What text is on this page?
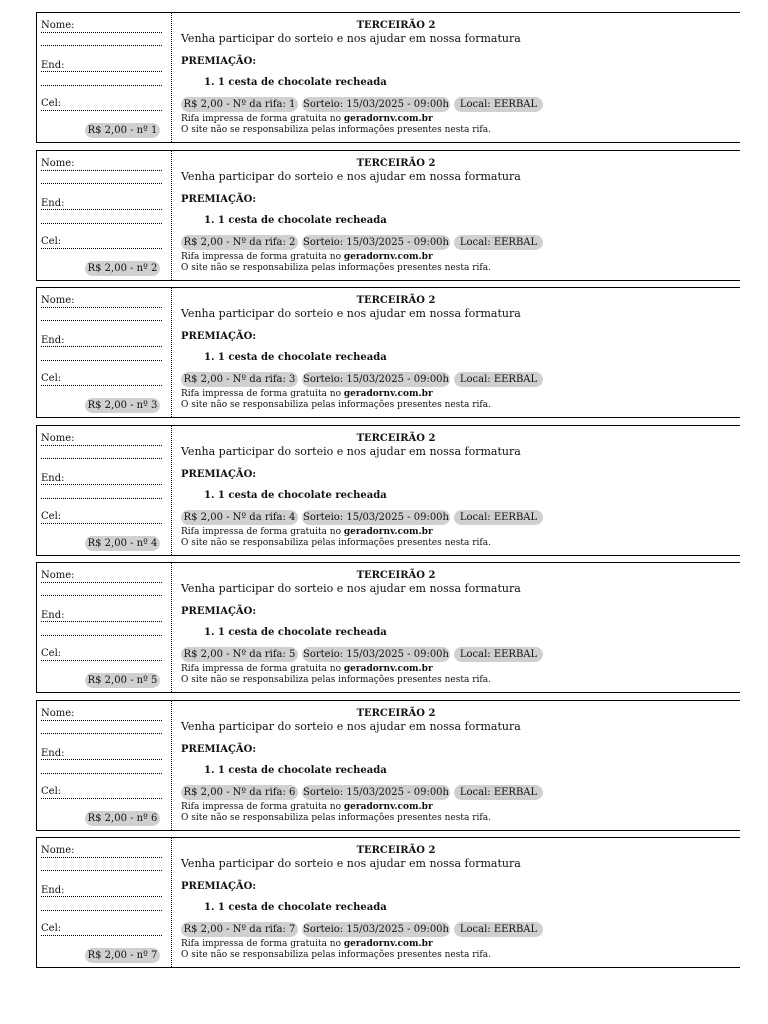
Nome:
End:
Cel:
R$ 2,00 - nº 1
TERCEIRÃO 2
Venha participar do sorteio e nos ajudar em nossa formatura
PREMIAÇÃO:
1. 1 cesta de chocolate recheada
R$ 2,00 - Nº da rifa: 1 Sorteio: 15/03/2025 - 09:00h	Local: EERBAL
Rifa impressa de forma gratuita no geradornv.com.br
O site não se responsabiliza pelas informações presentes nesta rifa.
Nome:
End:
Cel:
R$ 2,00 - nº 2
TERCEIRÃO 2
Venha participar do sorteio e nos ajudar em nossa formatura
PREMIAÇÃO:
1. 1 cesta de chocolate recheada
R$ 2,00 - Nº da rifa: 2 Sorteio: 15/03/2025 - 09:00h	Local: EERBAL
Rifa impressa de forma gratuita no geradornv.com.br
O site não se responsabiliza pelas informações presentes nesta rifa.
Nome:
End:
Cel:
R$ 2,00 - nº 3
TERCEIRÃO 2
Venha participar do sorteio e nos ajudar em nossa formatura
PREMIAÇÃO:
1. 1 cesta de chocolate recheada
R$ 2,00 - Nº da rifa: 3 Sorteio: 15/03/2025 - 09:00h	Local: EERBAL
Rifa impressa de forma gratuita no geradornv.com.br
O site não se responsabiliza pelas informações presentes nesta rifa.
Nome:
End:
Cel:
R$ 2,00 - nº 4
TERCEIRÃO 2
Venha participar do sorteio e nos ajudar em nossa formatura
PREMIAÇÃO:
1. 1 cesta de chocolate recheada
R$ 2,00 - Nº da rifa: 4 Sorteio: 15/03/2025 - 09:00h	Local: EERBAL
Rifa impressa de forma gratuita no geradornv.com.br
O site não se responsabiliza pelas informações presentes nesta rifa.
Nome:
End:
Cel:
R$ 2,00 - nº 5
TERCEIRÃO 2
Venha participar do sorteio e nos ajudar em nossa formatura
PREMIAÇÃO:
1. 1 cesta de chocolate recheada
R$ 2,00 - Nº da rifa: 5 Sorteio: 15/03/2025 - 09:00h	Local: EERBAL
Rifa impressa de forma gratuita no geradornv.com.br
O site não se responsabiliza pelas informações presentes nesta rifa.
Nome:
End:
Cel:
R$ 2,00 - nº 6
TERCEIRÃO 2
Venha participar do sorteio e nos ajudar em nossa formatura
PREMIAÇÃO:
1. 1 cesta de chocolate recheada
R$ 2,00 - Nº da rifa: 6 Sorteio: 15/03/2025 - 09:00h	Local: EERBAL
Rifa impressa de forma gratuita no geradornv.com.br
O site não se responsabiliza pelas informações presentes nesta rifa.
Nome:
End:
Cel:
R$ 2,00 - nº 7
TERCEIRÃO 2
Venha participar do sorteio e nos ajudar em nossa formatura
PREMIAÇÃO:
1. 1 cesta de chocolate recheada
R$ 2,00 - Nº da rifa: 7 Sorteio: 15/03/2025 - 09:00h	Local: EERBAL
Rifa impressa de forma gratuita no geradornv.com.br
O site não se responsabiliza pelas informações presentes nesta rifa.
